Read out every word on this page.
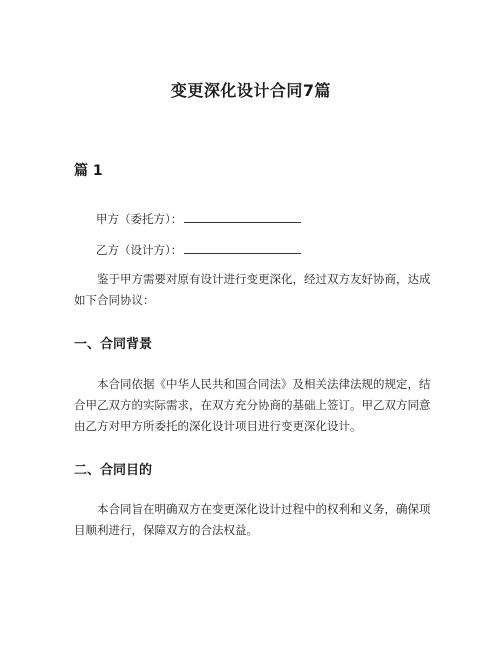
变更深化设计合同7篇
篇 1
甲方（委托方）：
乙方（设计方）：
鉴于甲方需要对原有设计进行变更深化，经过双方友好协商，达成如下合同协议：
一、合同背景
本合同依据《中华人民共和国合同法》及相关法律法规的规定，结合甲乙双方的实际需求，在双方充分协商的基础上签订。甲乙双方同意由乙方对甲方所委托的深化设计项目进行变更深化设计。
二、合同目的
本合同旨在明确双方在变更深化设计过程中的权利和义务，确保项目顺利进行，保障双方的合法权益。
